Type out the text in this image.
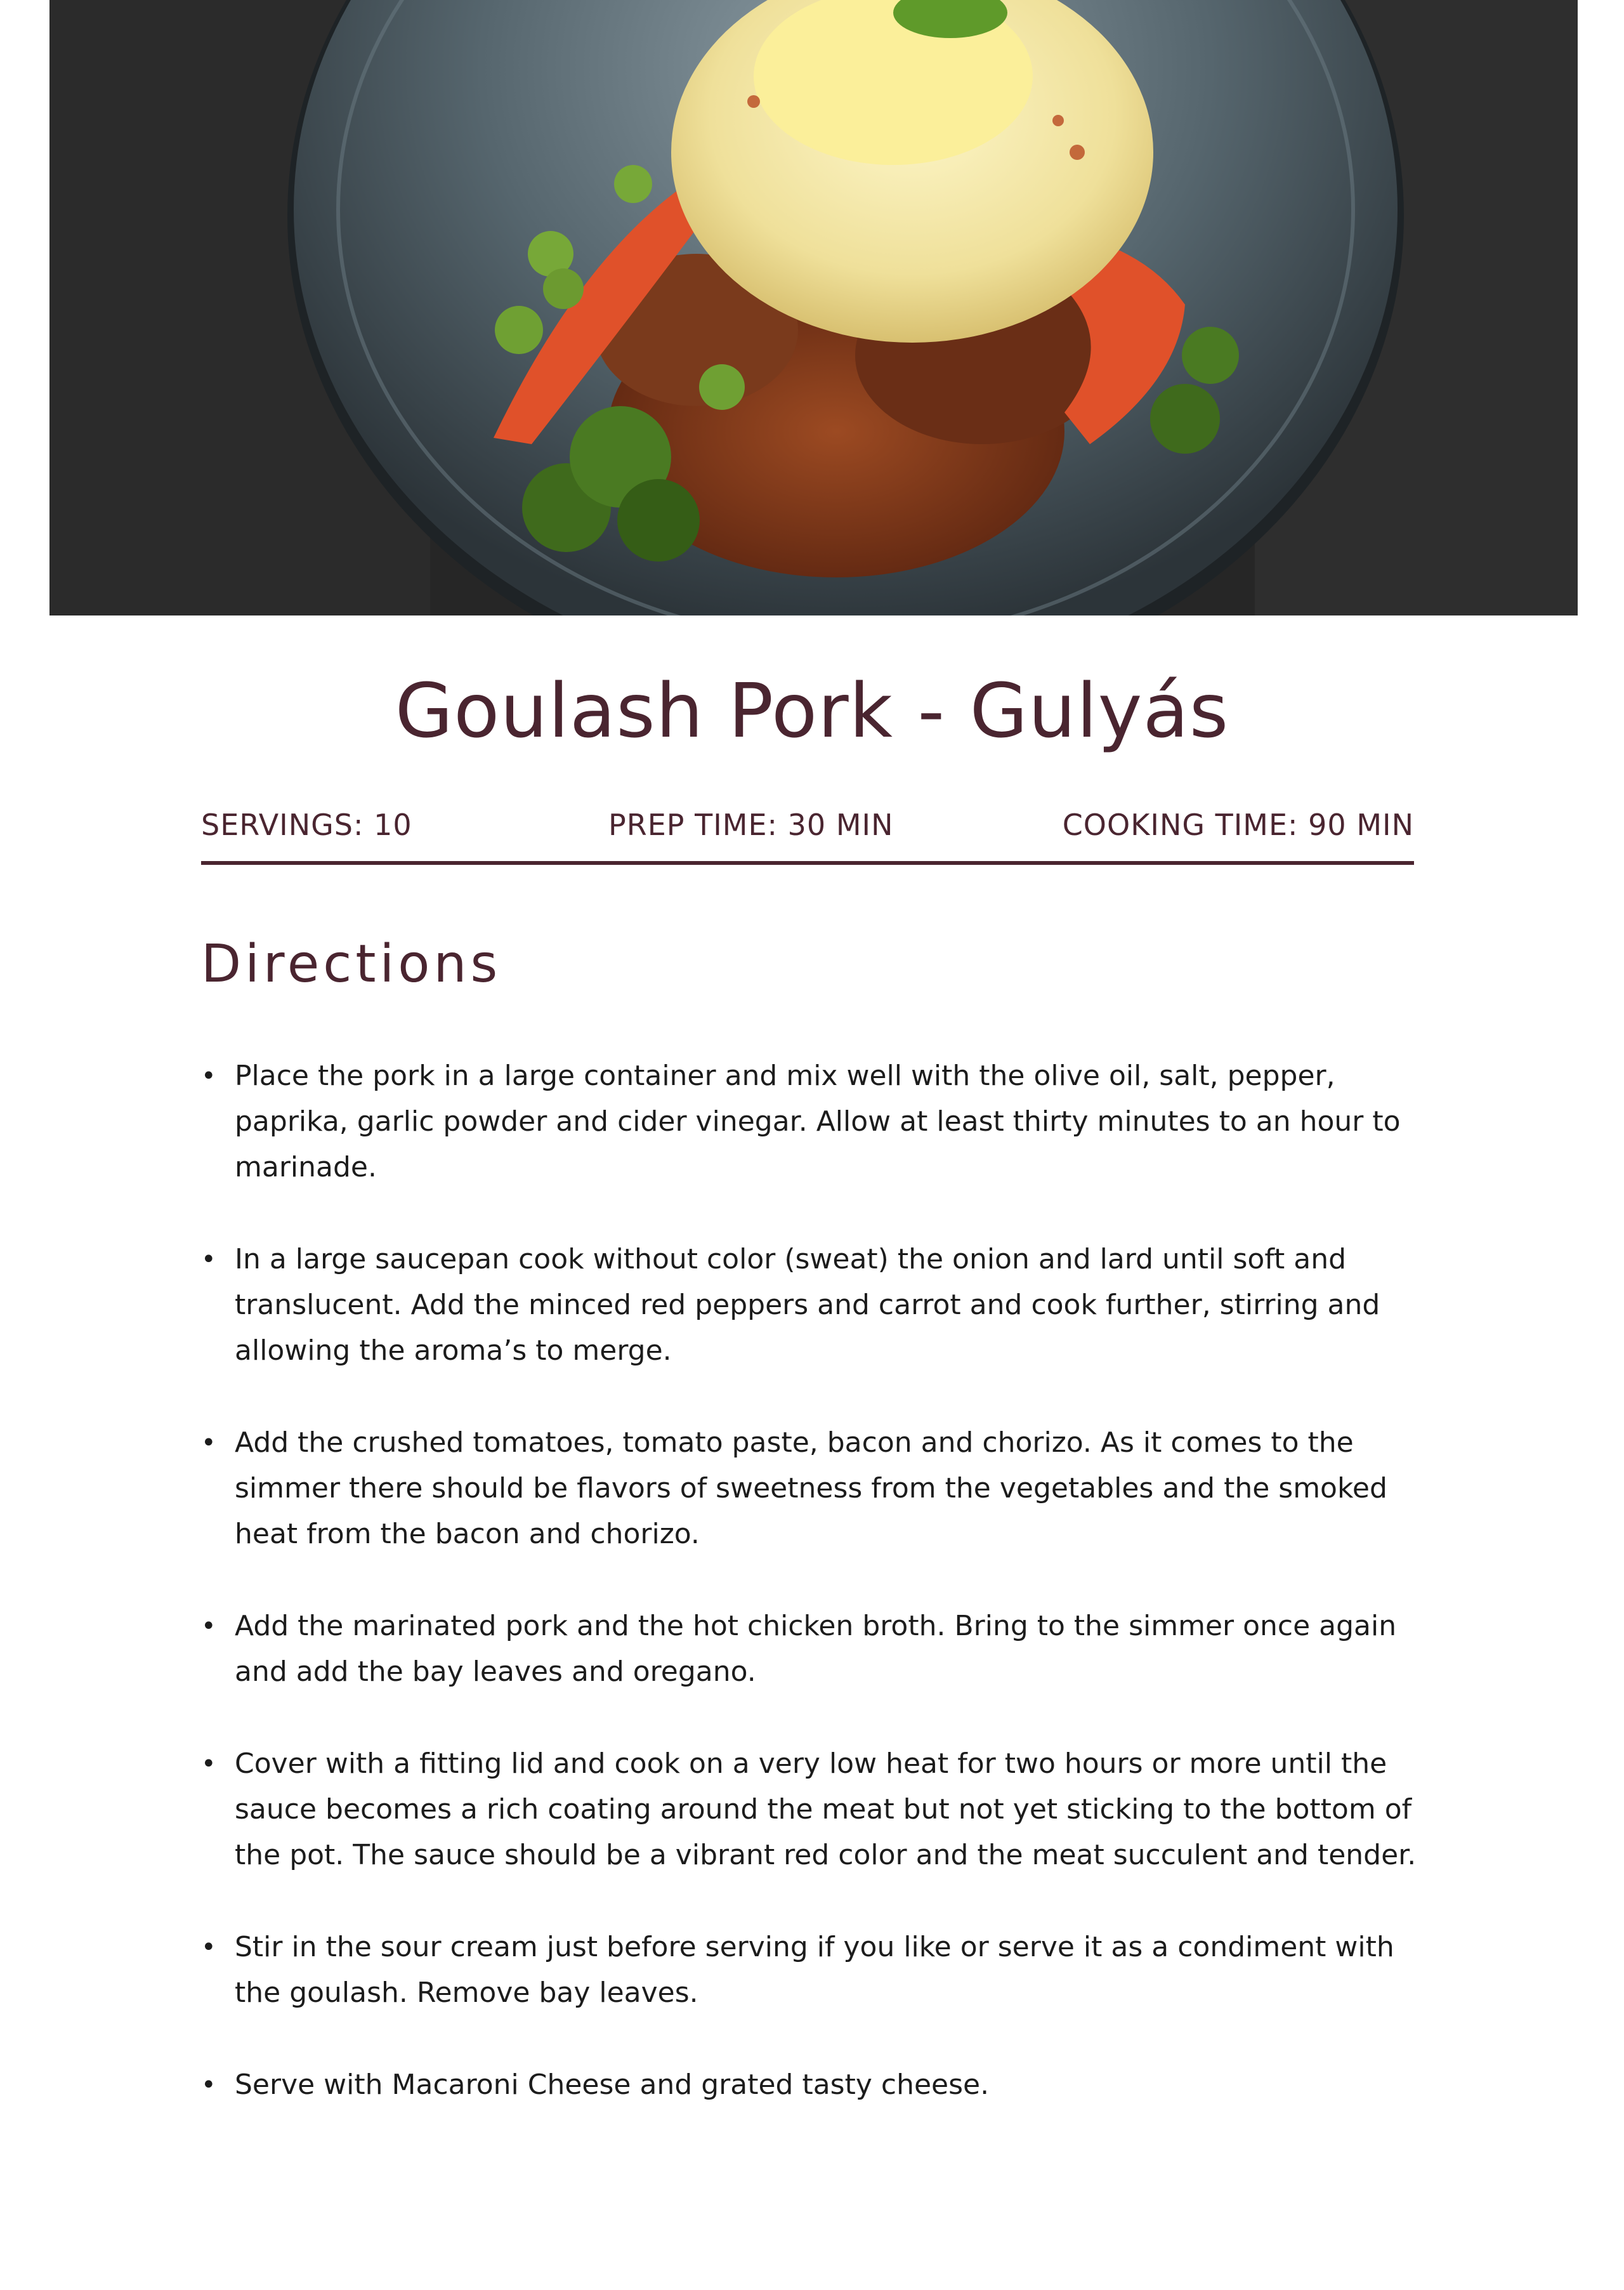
Goulash Pork - Gulyás
SERVINGS: 10	PREP TIME: 30 MIN	COOKING TIME: 90 MIN
Directions
• Place the pork in a large container and mix well with the olive oil, salt, pepper, paprika, garlic powder and cider vinegar. Allow at least thirty minutes to an hour to marinade.
• In a large saucepan cook without color (sweat) the onion and lard until soft and translucent. Add the minced red peppers and carrot and cook further, stirring and allowing the aroma’s to merge.
• Add the crushed tomatoes, tomato paste, bacon and chorizo. As it comes to the simmer there should be flavors of sweetness from the vegetables and the smoked heat from the bacon and chorizo.
• Add the marinated pork and the hot chicken broth. Bring to the simmer once again and add the bay leaves and oregano.
• Cover with a fitting lid and cook on a very low heat for two hours or more until the sauce becomes a rich coating around the meat but not yet sticking to the bottom of the pot. The sauce should be a vibrant red color and the meat succulent and tender.
• Stir in the sour cream just before serving if you like or serve it as a condiment with the goulash. Remove bay leaves.
• Serve with Macaroni Cheese and grated tasty cheese.
